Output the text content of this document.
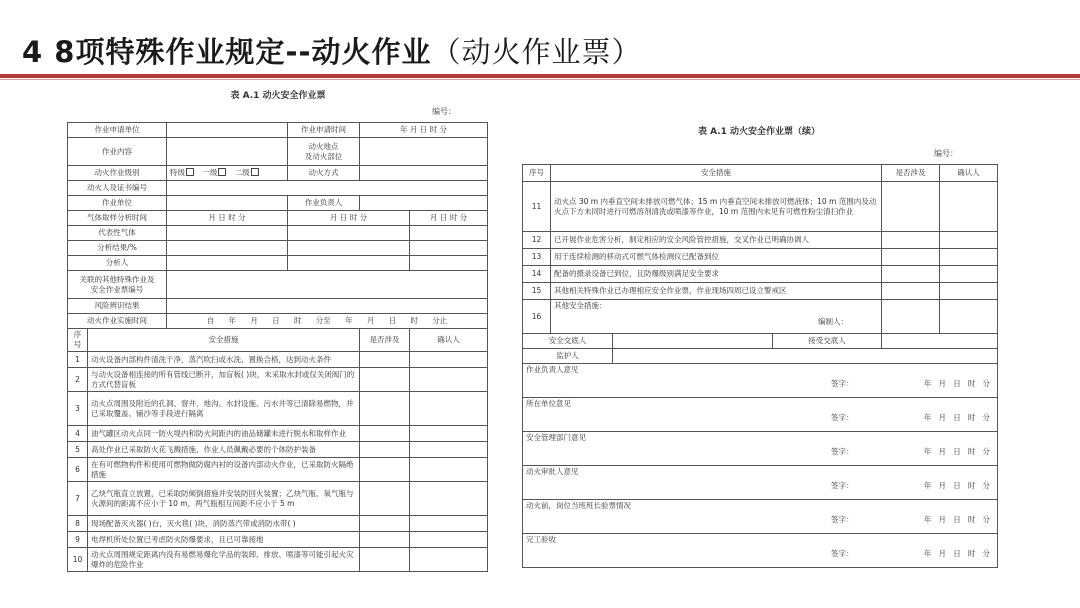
4 8项特殊作业规定--动火作业（动火作业票）
表 A.1 动火安全作业票
编号：
作业申请单位			作业申请时间	年 月 日 时 分	
作业内容			动火地点
及动火部位		
动火作业级别		特级 一级 二级	动火方式		
动火人及证书编号					
作业单位			作业负责人		
气体取样分析时间		月 日 时 分	月 日 时 分		月 日 时 分
代表性气体					
分析结果/%					
分析人					
关联的其他特殊作业及
安全作业票编号					
风险辨识结果					
动火作业实施时间		自      年      月      日      时      分至      年      月      日      时      分止			
序号	安全措施			是否涉及	确认人
1	动火设备内部构件清洗干净，蒸汽吹扫或水洗、置换合格，达到动火条件				
2	与动火设备相连接的所有管线已断开，加盲板( )块，未采取水封或仅关闭阀门的方式代替盲板				
3	动火点周围及附近的孔洞、窨井、地沟、水封设施、污水井等已清除易燃物，并已采取覆盖、铺沙等手段进行隔离				
4	油气罐区动火点同一防火堤内和防火间距内的油品储罐未进行脱水和取样作业				
5	高处作业已采取防火花飞溅措施，作业人员佩戴必要的个体防护装备				
6	在有可燃物构件和使用可燃物做防腐内衬的设备内部动火作业，已采取防火隔绝措施				
7	乙炔气瓶直立放置，已采取防倾倒措施并安装防回火装置；乙炔气瓶、氧气瓶与火源间的距离不应小于 10 m，两气瓶相互间距不应小于 5 m				
8	现场配备灭火器( )台，灭火毯( )块，消防蒸汽带或消防水带( )				
9	电焊机所处位置已考虑防火防爆要求，且已可靠接地				
10	动火点周围规定距离内没有易燃易爆化学品的装卸、排放、喷漆等可能引起火灾爆炸的危险作业				
表 A.1 动火安全作业票（续）
编号：
序号	安全措施			是否涉及	确认人
11	动火点 30 m 内垂直空间未排放可燃气体；15 m 内垂直空间未排放可燃液体；10 m 范围内及动火点下方未同时进行可燃溶剂清洗或喷漆等作业，10 m 范围内未见有可燃性粉尘清扫作业				
12	已开展作业危害分析，制定相应的安全风险管控措施，交叉作业已明确协调人				
13	用于连续检测的移动式可燃气体检测仪已配备到位				
14	配备的摄录设备已到位，且防爆级别满足安全要求				
15	其他相关特殊作业已办理相应安全作业票，作业现场四周已设立警戒区				
16	其他安全措施：
编制人：				

安全交底人			接受交底人		
监护人					

作业负责人意见
签字： 年   月   日   时   分					

所在单位意见
签字： 年   月   日   时   分					

安全管理部门意见
签字： 年   月   日   时   分					

动火审批人意见
签字： 年   月   日   时   分					

动火前，岗位当班班长验票情况
签字： 年   月   日   时   分					

完工验收
签字： 年   月   日   时   分					
